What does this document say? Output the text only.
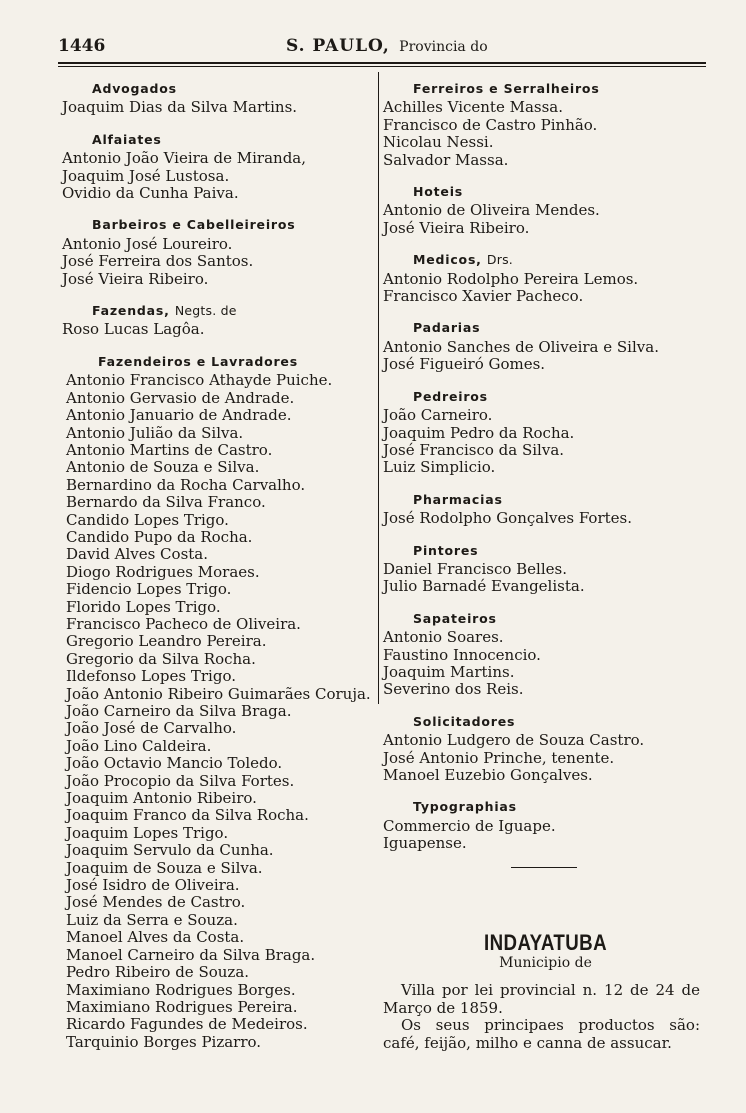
1446	S. PAULO, Provincia do
Advogados
Joaquim Dias da Silva Martins.
Alfaiates
Antonio João Vieira de Miranda,
Joaquim José Lustosa.
Ovidio da Cunha Paiva.
Barbeiros e Cabelleireiros
Antonio José Loureiro.
José Ferreira dos Santos.
José Vieira Ribeiro.
Fazendas, Negts. de
Roso Lucas Lagôa.
Fazendeiros e Lavradores
Antonio Francisco Athayde Puiche.
Antonio Gervasio de Andrade.
Antonio Januario de Andrade.
Antonio Julião da Silva.
Antonio Martins de Castro.
Antonio de Souza e Silva.
Bernardino da Rocha Carvalho.
Bernardo da Silva Franco.
Candido Lopes Trigo.
Candido Pupo da Rocha.
David Alves Costa.
Diogo Rodrigues Moraes.
Fidencio Lopes Trigo.
Florido Lopes Trigo.
Francisco Pacheco de Oliveira.
Gregorio Leandro Pereira.
Gregorio da Silva Rocha.
Ildefonso Lopes Trigo.
João Antonio Ribeiro Guimarães Coruja.
João Carneiro da Silva Braga.
João José de Carvalho.
João Lino Caldeira.
João Octavio Mancio Toledo.
João Procopio da Silva Fortes.
Joaquim Antonio Ribeiro.
Joaquim Franco da Silva Rocha.
Joaquim Lopes Trigo.
Joaquim Servulo da Cunha.
Joaquim de Souza e Silva.
José Isidro de Oliveira.
José Mendes de Castro.
Luiz da Serra e Souza.
Manoel Alves da Costa.
Manoel Carneiro da Silva Braga.
Pedro Ribeiro de Souza.
Maximiano Rodrigues Borges.
Maximiano Rodrigues Pereira.
Ricardo Fagundes de Medeiros.
Tarquinio Borges Pizarro.
Ferreiros e Serralheiros
Achilles Vicente Massa.
Francisco de Castro Pinhão.
Nicolau Nessi.
Salvador Massa.
Hoteis
Antonio de Oliveira Mendes.
José Vieira Ribeiro.
Medicos, Drs.
Antonio Rodolpho Pereira Lemos.
Francisco Xavier Pacheco.
Padarias
Antonio Sanches de Oliveira e Silva.
José Figueiró Gomes.
Pedreiros
João Carneiro.
Joaquim Pedro da Rocha.
José Francisco da Silva.
Luiz Simplicio.
Pharmacias
José Rodolpho Gonçalves Fortes.
Pintores
Daniel Francisco Belles.
Julio Barnadé Evangelista.
Sapateiros
Antonio Soares.
Faustino Innocencio.
Joaquim Martins.
Severino dos Reis.
Solicitadores
Antonio Ludgero de Souza Castro.
José Antonio Prinche, tenente.
Manoel Euzebio Gonçalves.
Typographias
Commercio de Iguape.
Iguapense.
INDAYATUBA
Municipio de

Villa por lei provincial n. 12 de 24 de Março de 1859.

Os seus principaes productos são: café, feijão, milho e canna de assucar.
